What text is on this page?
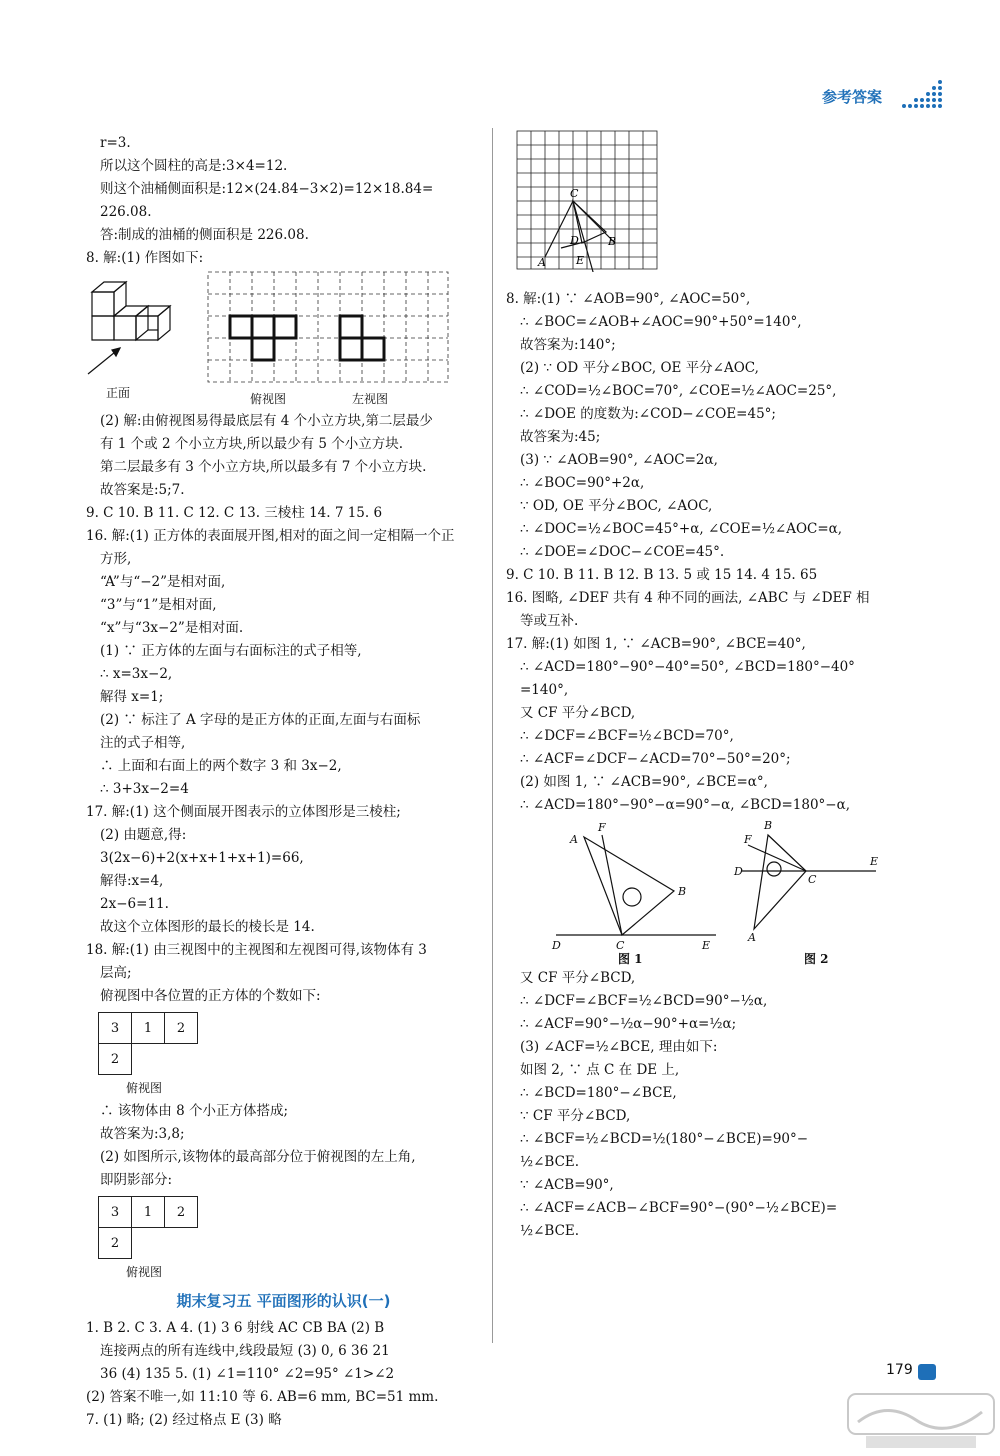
参考答案
r=3.
所以这个圆柱的高是:3×4=12.
则这个油桶侧面积是:12×(24.84−3×2)=12×18.84=
226.08.
答:制成的油桶的侧面积是 226.08.
8. 解:(1) 作图如下:
正面	俯视图	左视图
(2) 解:由俯视图易得最底层有 4 个小立方块,第二层最少
有 1 个或 2 个小立方块,所以最少有 5 个小立方块.
第二层最多有 3 个小立方块,所以最多有 7 个小立方块.
故答案是:5;7.
9. C 10. B 11. C 12. C 13. 三棱柱 14. 7 15. 6
16. 解:(1) 正方体的表面展开图,相对的面之间一定相隔一个正
方形,
“A”与“−2”是相对面,
“3”与“1”是相对面,
“x”与“3x−2”是相对面.
(1) ∵ 正方体的左面与右面标注的式子相等,
∴ x=3x−2,
解得 x=1;
(2) ∵ 标注了 A 字母的是正方体的正面,左面与右面标
注的式子相等,
∴ 上面和右面上的两个数字 3 和 3x−2,
∴ 3+3x−2=4
17. 解:(1) 这个侧面展开图表示的立体图形是三棱柱;
(2) 由题意,得:
3(2x−6)+2(x+x+1+x+1)=66,
解得:x=4,
2x−6=11.
故这个立体图形的最长的棱长是 14.
18. 解:(1) 由三视图中的主视图和左视图可得,该物体有 3
层高;
俯视图中各位置的正方体的个数如下:
3	1	2
2		
俯视图
∴ 该物体由 8 个小正方体搭成;
故答案为:3,8;
(2) 如图所示,该物体的最高部分位于俯视图的左上角,
即阴影部分:
3	1	2
2		
俯视图
期末复习五 平面图形的认识(一)
1. B 2. C 3. A 4. (1) 3 6 射线 AC CB BA (2) B
连接两点的所有连线中,线段最短 (3) 0, 6 36 21
36 (4) 135 5. (1) ∠1=110° ∠2=95° ∠1>∠2
(2) 答案不唯一,如 11:10 等 6. AB=6 mm, BC=51 mm.
7. (1) 略; (2) 经过格点 E (3) 略
A	E
B
C
D
8. 解:(1) ∵ ∠AOB=90°, ∠AOC=50°,
∴ ∠BOC=∠AOB+∠AOC=90°+50°=140°,
故答案为:140°;
(2) ∵ OD 平分∠BOC, OE 平分∠AOC,
∴ ∠COD=½∠BOC=70°, ∠COE=½∠AOC=25°,
∴ ∠DOE 的度数为:∠COD−∠COE=45°;
故答案为:45;
(3) ∵ ∠AOB=90°, ∠AOC=2α,
∴ ∠BOC=90°+2α,
∵ OD, OE 平分∠BOC, ∠AOC,
∴ ∠DOC=½∠BOC=45°+α, ∠COE=½∠AOC=α,
∴ ∠DOE=∠DOC−∠COE=45°.
9. C 10. B 11. B 12. B 13. 5 或 15 14. 4 15. 65
16. 图略, ∠DEF 共有 4 种不同的画法, ∠ABC 与 ∠DEF 相
等或互补.
17. 解:(1) 如图 1, ∵ ∠ACB=90°, ∠BCE=40°,
∴ ∠ACD=180°−90°−40°=50°, ∠BCD=180°−40°
=140°,
又 CF 平分∠BCD,
∴ ∠DCF=∠BCF=½∠BCD=70°,
∴ ∠ACF=∠DCF−∠ACD=70°−50°=20°;
(2) 如图 1, ∵ ∠ACB=90°, ∠BCE=α°,
∴ ∠ACD=180°−90°−α=90°−α, ∠BCD=180°−α,
A
F
B
D	C	E
B
F
E
D
C
A
图 1	图 2
又 CF 平分∠BCD,
∴ ∠DCF=∠BCF=½∠BCD=90°−½α,
∴ ∠ACF=90°−½α−90°+α=½α;
(3) ∠ACF=½∠BCE, 理由如下:
如图 2, ∵ 点 C 在 DE 上,
∴ ∠BCD=180°−∠BCE,
∵ CF 平分∠BCD,
∴ ∠BCF=½∠BCD=½(180°−∠BCE)=90°−
½∠BCE.
∵ ∠ACB=90°,
∴ ∠ACF=∠ACB−∠BCF=90°−(90°−½∠BCE)=
½∠BCE.
179
